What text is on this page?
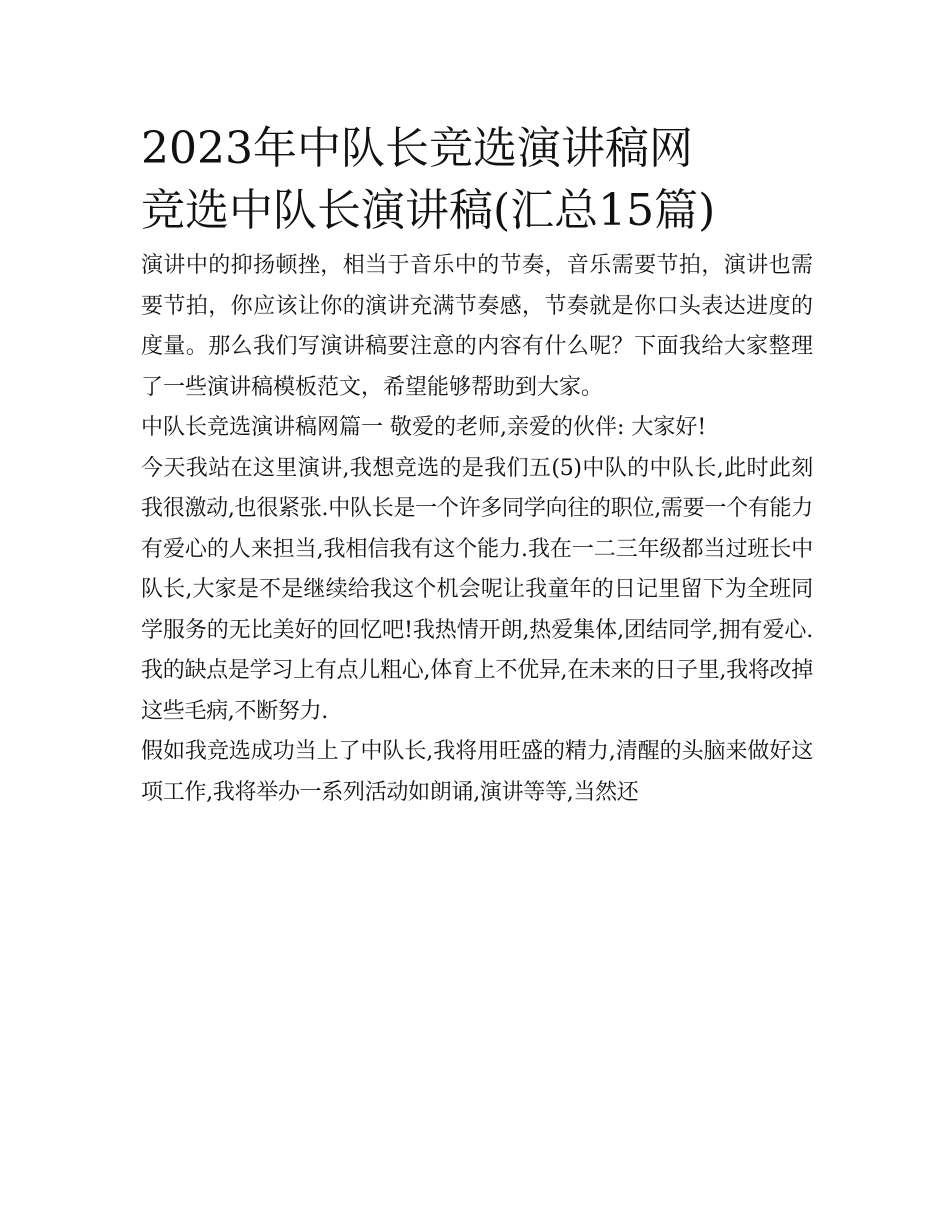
2023年中队长竞选演讲稿网
竞选中队长演讲稿(汇总15篇)

演讲中的抑扬顿挫，相当于音乐中的节奏，音乐需要节拍，演讲也需要节拍，你应该让你的演讲充满节奏感，节奏就是你口头表达进度的度量。那么我们写演讲稿要注意的内容有什么呢？下面我给大家整理了一些演讲稿模板范文，希望能够帮助到大家。

中队长竞选演讲稿网篇一 敬爱的老师,亲爱的伙伴: 大家好!

今天我站在这里演讲,我想竞选的是我们五(5)中队的中队长,此时此刻我很激动,也很紧张.中队长是一个许多同学向往的职位,需要一个有能力有爱心的人来担当,我相信我有这个能力.我在一二三年级都当过班长中队长,大家是不是继续给我这个机会呢让我童年的日记里留下为全班同学服务的无比美好的回忆吧!我热情开朗,热爱集体,团结同学,拥有爱心.我的缺点是学习上有点儿粗心,体育上不优异,在未来的日子里,我将改掉这些毛病,不断努力.

假如我竞选成功当上了中队长,我将用旺盛的精力,清醒的头脑来做好这项工作,我将举办一系列活动如朗诵,演讲等等,当然还
